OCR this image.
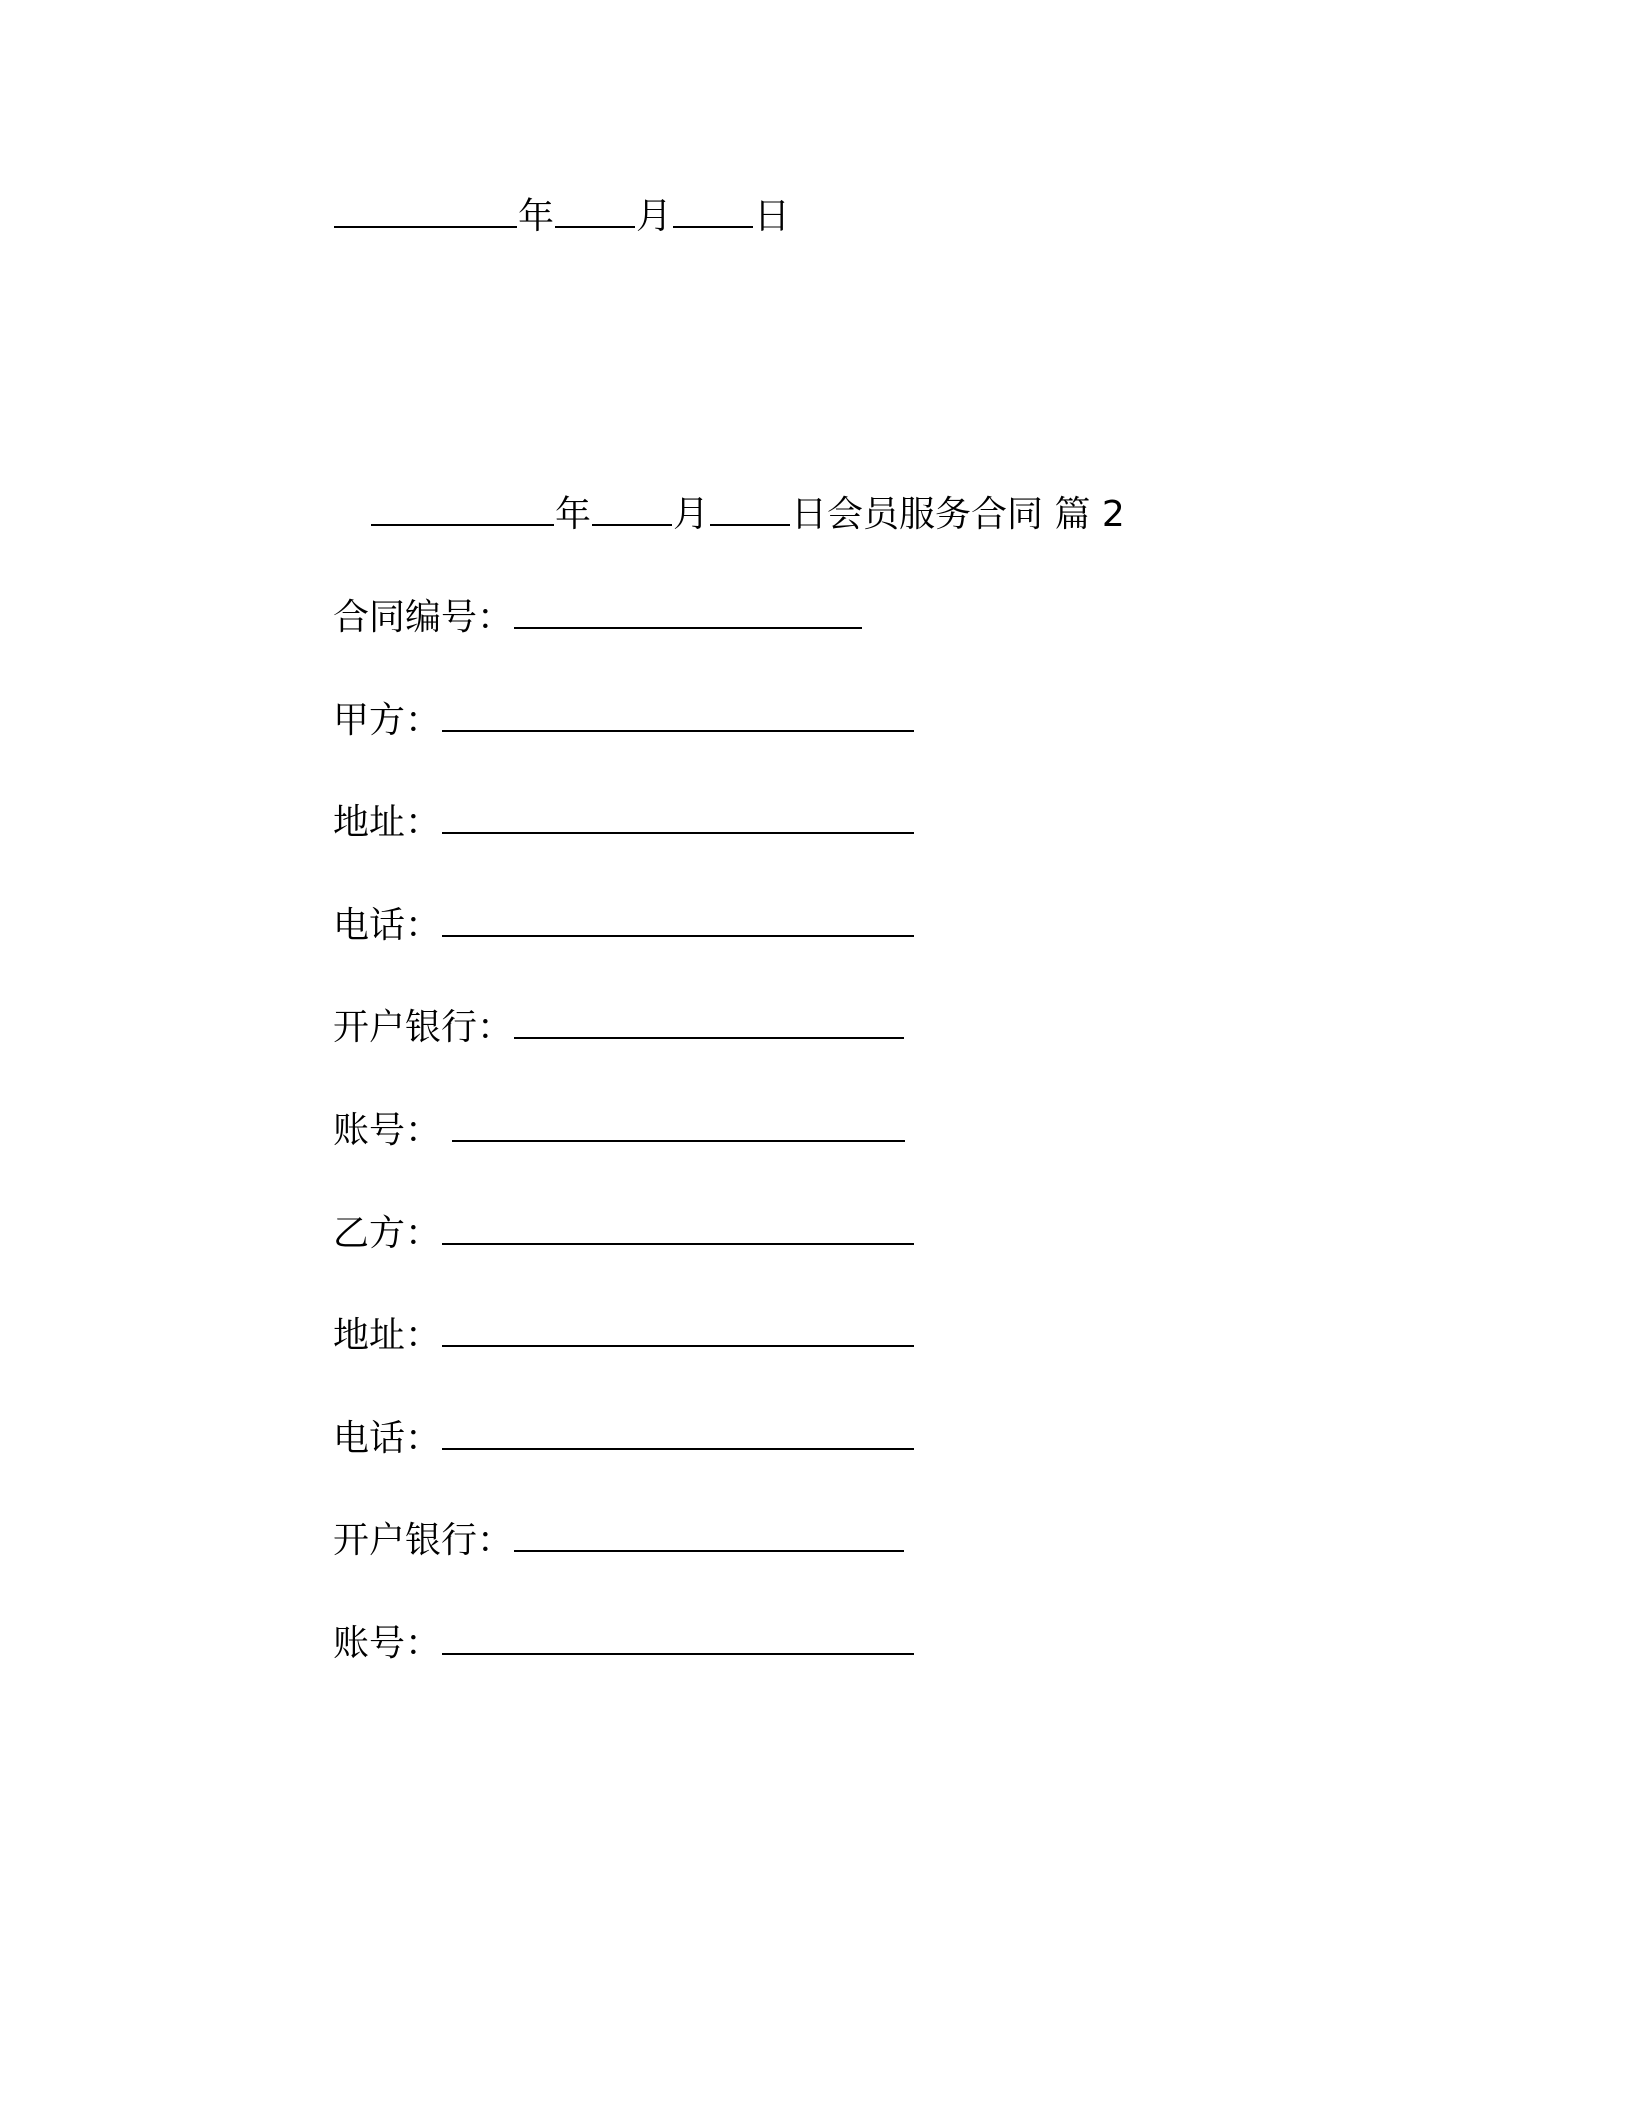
年 月 日
年 月 日会员服务合同 篇 2
合同编号：
甲方：
地址：
电话：
开户银行：
账号：
乙方：
地址：
电话：
开户银行：
账号：
